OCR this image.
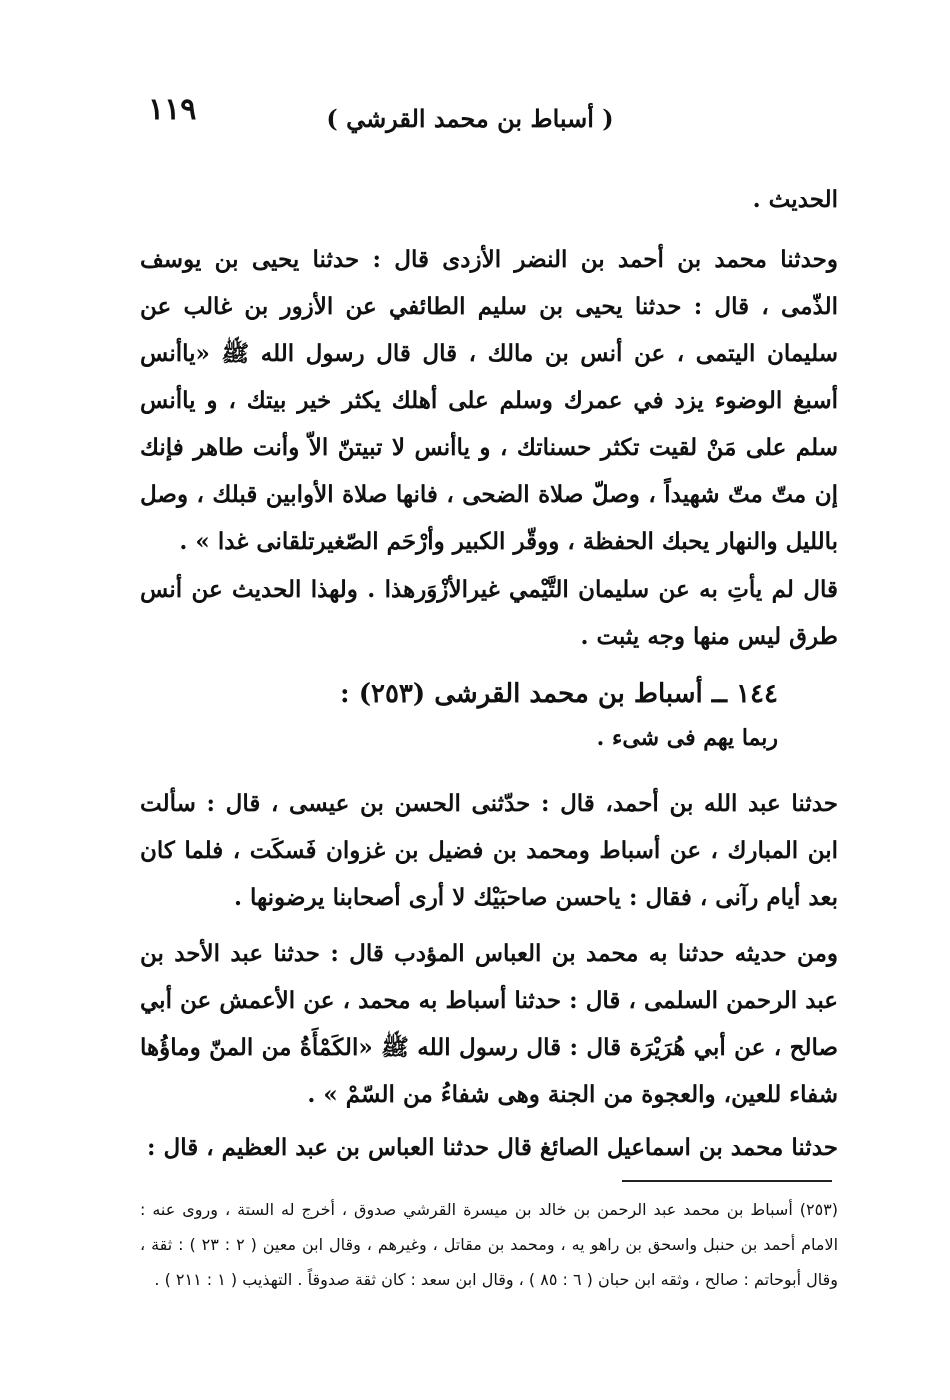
١١٩	( أسباط بن محمد القرشي )

الحديث .

وحدثنا محمد بن أحمد بن النضر الأزدى قال : حدثنا يحيى بن يوسف الذّمى ، قال : حدثنا يحيى بن سليم الطائفي عن الأزور بن غالب عن سليمان اليتمى ، عن أنس بن مالك ، قال قال رسول الله ﷺ «ياأنس أسبغ الوضوء يزد في عمرك وسلم على أهلك يكثر خير بيتك ، و ياأنس سلم على مَنْ لقيت تكثر حسناتك ، و ياأنس لا تبيتنّ الاّ وأنت طاهر فإنك إن متّ متّ شهيداً ، وصلّ صلاة الضحى ، فانها صلاة الأوابين قبلك ، وصل بالليل والنهار يحبك الحفظة ، ووقّر الكبير وأرْحَم الصّغيرتلقانى غدا » .

قال لم يأتِ به عن سليمان التَّيْمي غيرالأزْوَرهذا . ولهذا الحديث عن أنس طرق ليس منها وجه يثبت .

١٤٤ ــ أسباط بن محمد القرشى (٢٥٣) :
ربما يهم فى شىء .

حدثنا عبد الله بن أحمد، قال : حدّثنى الحسن بن عيسى ، قال : سألت ابن المبارك ، عن أسباط ومحمد بن فضيل بن غزوان فَسكَت ، فلما كان بعد أيام رآنى ، فقال : ياحسن صاحبَيْك لا أرى أصحابنا يرضونها .

ومن حديثه حدثنا به محمد بن العباس المؤدب قال : حدثنا عبد الأحد بن عبد الرحمن السلمى ، قال : حدثنا أسباط به محمد ، عن الأعمش عن أبي صالح ، عن أبي هُرَيْرَة قال : قال رسول الله ﷺ «الكَمْأَةُ من المنّ وماؤُها شفاء للعين، والعجوة من الجنة وهى شفاءُ من السّمْ » .

حدثنا محمد بن اسماعيل الصائغ قال حدثنا العباس بن عبد العظيم ، قال :

(٢٥٣) أسباط بن محمد عبد الرحمن بن خالد بن ميسرة القرشي صدوق ، أخرج له الستة ، وروى عنه : الامام أحمد بن حنبل واسحق بن راهو يه ، ومحمد بن مقاتل ، وغيرهم ، وقال ابن معين ( ٢ : ٢٣ ) : ثقة ، وقال أبوحاتم : صالح ، وثقه ابن حبان ( ٦ : ٨٥ ) ، وقال ابن سعد : كان ثقة صدوقاً . التهذيب ( ١ : ٢١١ ) .
